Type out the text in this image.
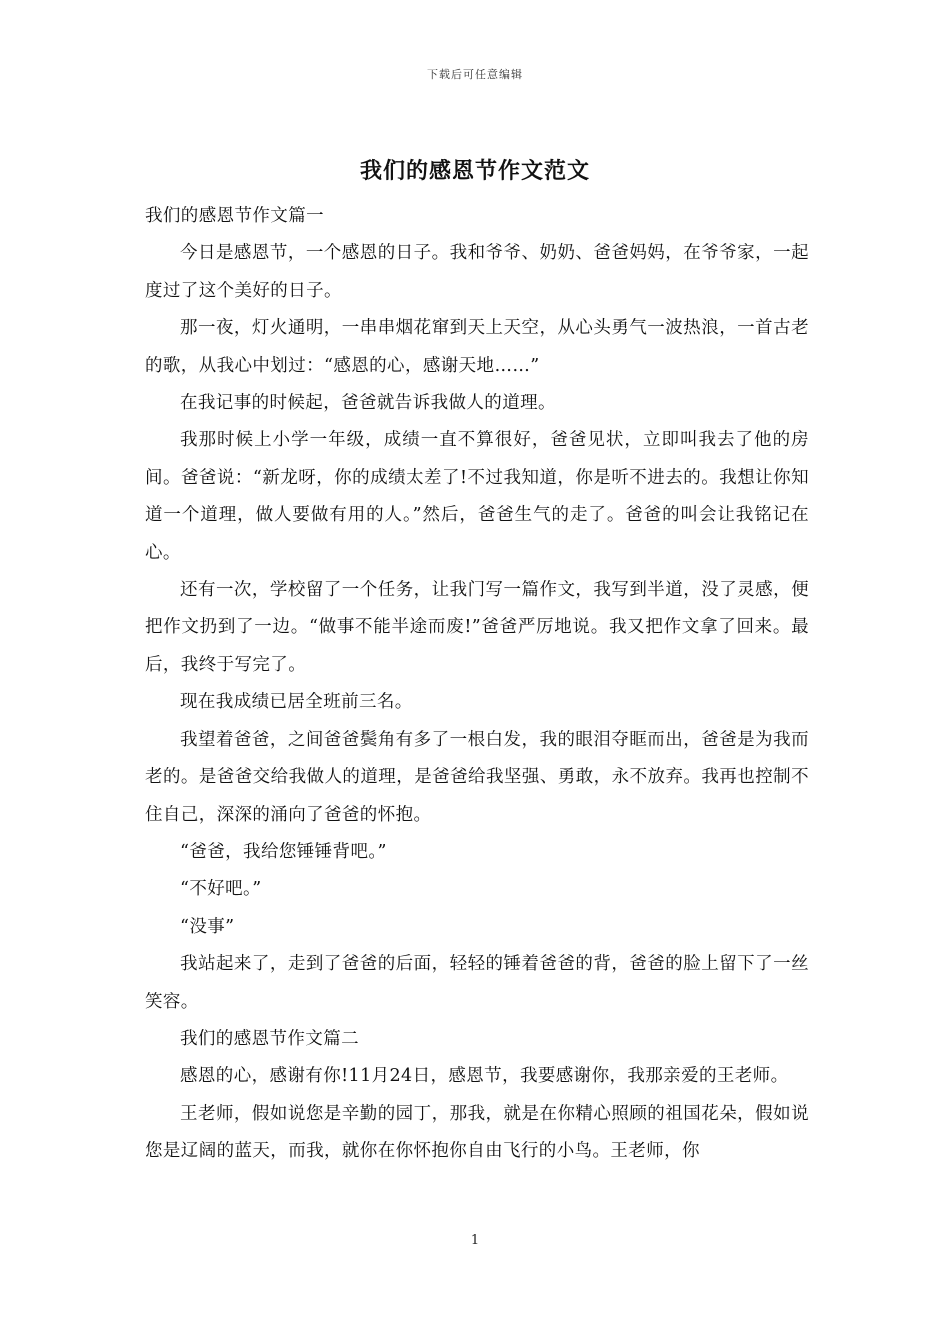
下载后可任意编辑
我们的感恩节作文范文

我们的感恩节作文篇一

今日是感恩节，一个感恩的日子。我和爷爷、奶奶、爸爸妈妈，在爷爷家，一起度过了这个美好的日子。

那一夜，灯火通明，一串串烟花窜到天上天空，从心头勇气一波热浪，一首古老的歌，从我心中划过：“感恩的心，感谢天地……”

在我记事的时候起，爸爸就告诉我做人的道理。

我那时候上小学一年级，成绩一直不算很好，爸爸见状，立即叫我去了他的房间。爸爸说：“新龙呀，你的成绩太差了!不过我知道，你是听不进去的。我想让你知道一个道理，做人要做有用的人。”然后，爸爸生气的走了。爸爸的叫会让我铭记在心。

还有一次，学校留了一个任务，让我门写一篇作文，我写到半道，没了灵感，便把作文扔到了一边。“做事不能半途而废!”爸爸严厉地说。我又把作文拿了回来。最后，我终于写完了。

现在我成绩已居全班前三名。

我望着爸爸，之间爸爸鬓角有多了一根白发，我的眼泪夺眶而出，爸爸是为我而老的。是爸爸交给我做人的道理，是爸爸给我坚强、勇敢，永不放弃。我再也控制不住自己，深深的涌向了爸爸的怀抱。

“爸爸，我给您锤锤背吧。”

“不好吧。”

“没事”

我站起来了，走到了爸爸的后面，轻轻的锤着爸爸的背，爸爸的脸上留下了一丝笑容。

我们的感恩节作文篇二

感恩的心，感谢有你!11月24日，感恩节，我要感谢你，我那亲爱的王老师。

王老师，假如说您是辛勤的园丁，那我，就是在你精心照顾的祖国花朵，假如说您是辽阔的蓝天，而我，就你在你怀抱你自由飞行的小鸟。王老师，你

1
